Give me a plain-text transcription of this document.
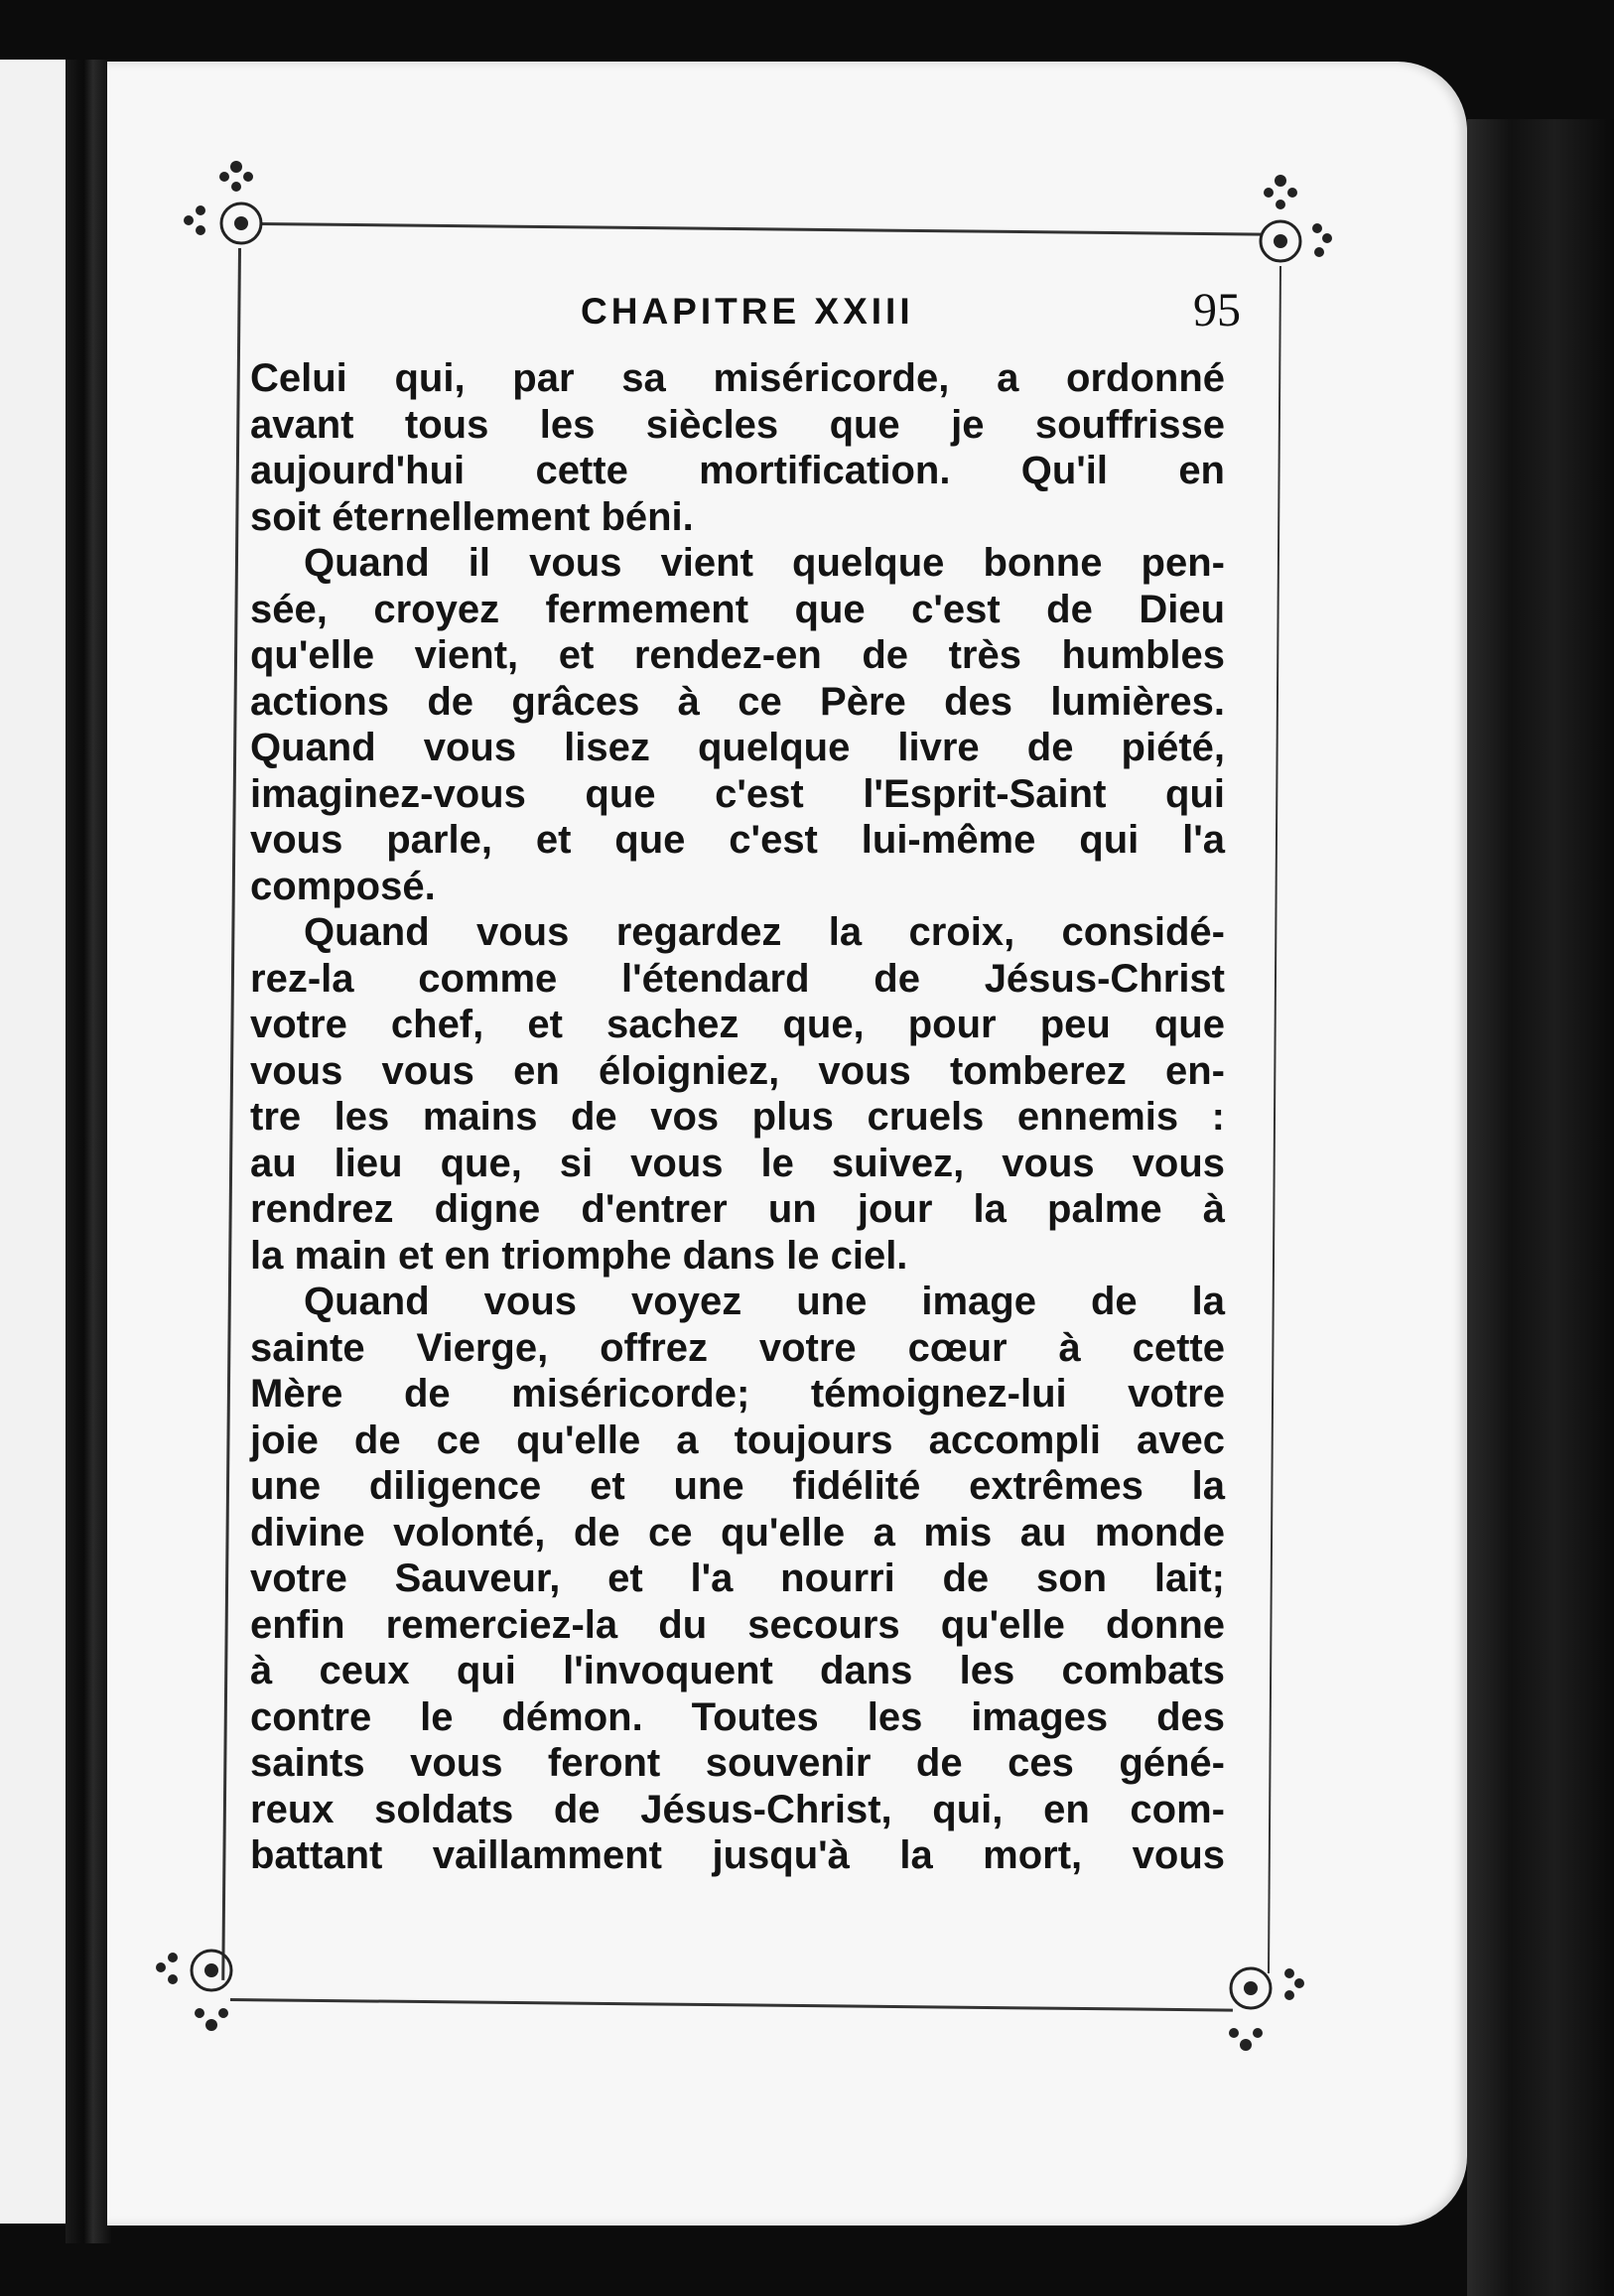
CHAPITRE XXIII	95
Celui qui, par sa miséricorde, a ordonné
avant tous les siècles que je souffrisse
aujourd'hui cette mortification. Qu'il en
soit éternellement béni.
Quand il vous vient quelque bonne pen-
sée, croyez fermement que c'est de Dieu
qu'elle vient, et rendez-en de très humbles
actions de grâces à ce Père des lumières.
Quand vous lisez quelque livre de piété,
imaginez-vous que c'est l'Esprit-Saint qui
vous parle, et que c'est lui-même qui l'a
composé.
Quand vous regardez la croix, considé-
rez-la comme l'étendard de Jésus-Christ
votre chef, et sachez que, pour peu que
vous vous en éloigniez, vous tomberez en-
tre les mains de vos plus cruels ennemis :
au lieu que, si vous le suivez, vous vous
rendrez digne d'entrer un jour la palme à
la main et en triomphe dans le ciel.
Quand vous voyez une image de la
sainte Vierge, offrez votre cœur à cette
Mère de miséricorde; témoignez-lui votre
joie de ce qu'elle a toujours accompli avec
une diligence et une fidélité extrêmes la
divine volonté, de ce qu'elle a mis au monde
votre Sauveur, et l'a nourri de son lait;
enfin remerciez-la du secours qu'elle donne
à ceux qui l'invoquent dans les combats
contre le démon. Toutes les images des
saints vous feront souvenir de ces géné-
reux soldats de Jésus-Christ, qui, en com-
battant vaillamment jusqu'à la mort, vous
